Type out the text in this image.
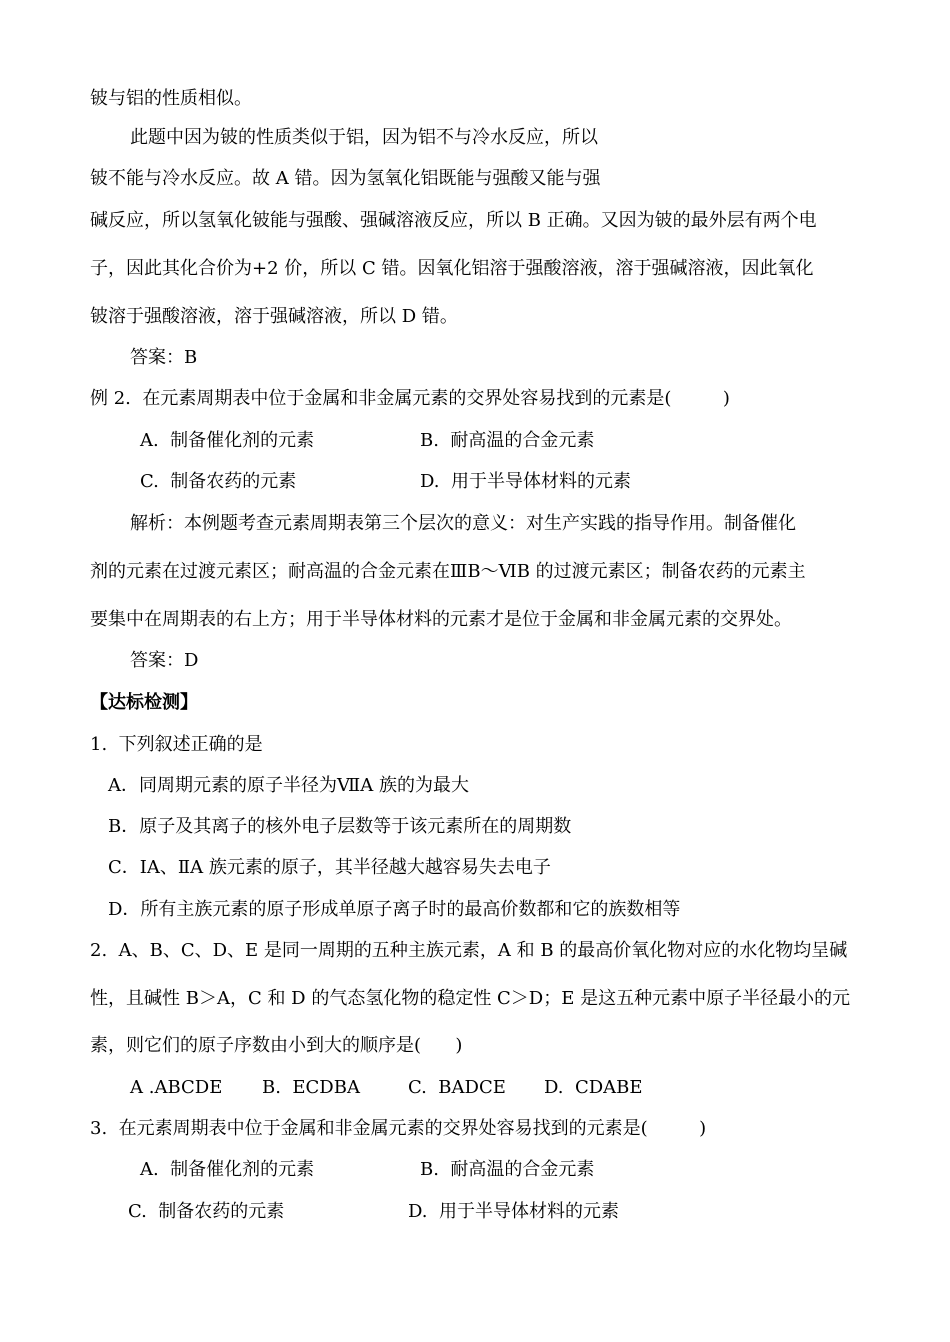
铍与铝的性质相似。
此题中因为铍的性质类似于铝，因为铝不与冷水反应，所以
铍不能与冷水反应。故 A 错。因为氢氧化铝既能与强酸又能与强
碱反应，所以氢氧化铍能与强酸、强碱溶液反应，所以 B 正确。又因为铍的最外层有两个电
子，因此其化合价为+2 价，所以 C 错。因氧化铝溶于强酸溶液，溶于强碱溶液，因此氧化
铍溶于强酸溶液，溶于强碱溶液，所以 D 错。
答案：B
例 2.  在元素周期表中位于金属和非金属元素的交界处容易找到的元素是(         )
A.  制备催化剂的元素	B.  耐高温的合金元素
C.  制备农药的元素	D.  用于半导体材料的元素
解析：本例题考查元素周期表第三个层次的意义：对生产实践的指导作用。制备催化
剂的元素在过渡元素区；耐高温的合金元素在ⅢB～ⅥB 的过渡元素区；制备农药的元素主
要集中在周期表的右上方；用于半导体材料的元素才是位于金属和非金属元素的交界处。
答案：D
【达标检测】
1.  下列叙述正确的是
A．同周期元素的原子半径为ⅦA 族的为最大
B．原子及其离子的核外电子层数等于该元素所在的周期数
C．ⅠA、ⅡA 族元素的原子，其半径越大越容易失去电子
D．所有主族元素的原子形成单原子离子时的最高价数都和它的族数相等
2.  A、B、C、D、E 是同一周期的五种主族元素，A 和 B 的最高价氧化物对应的水化物均呈碱
性，且碱性 B＞A，C 和 D 的气态氢化物的稳定性 C＞D；E 是这五种元素中原子半径最小的元
素，则它们的原子序数由小到大的顺序是(      )
A .ABCDE B.  ECDBA	C.  BADCE D.  CDABE
3.  在元素周期表中位于金属和非金属元素的交界处容易找到的元素是(         )
A.  制备催化剂的元素	B.  耐高温的合金元素
C.  制备农药的元素	D.  用于半导体材料的元素
